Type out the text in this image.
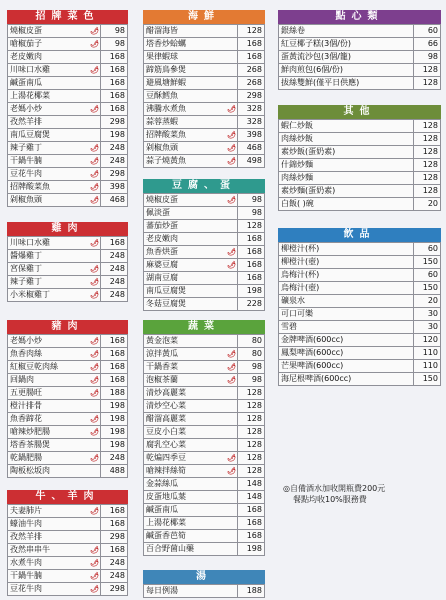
招牌菜色
燒椒皮蛋 🌶	98
嗆椒茄子 🌶	98
老皮嫩肉	168
川味口水雞 🌶	168
鹹蛋南瓜	168
上湯花椰菜	168
老媽小炒 🌶	168
孜然羊排	298
南瓜豆腐煲	198
辣子雞丁 🌶	248
干鍋牛腩 🌶	248
豆花牛肉 🌶	298
招牌酸菜魚 🌶	398
剁椒魚頭 🌶	468
雞肉
川味口水雞 🌶	168
醬爆雞丁	248
宮保雞丁 🌶	248
辣子雞丁 🌶	248
小米椒雞丁 🌶	248
豬肉
老媽小炒 🌶	168
魚香肉絲 🌶	168
紅椒豆乾肉絲 🌶	168
回鍋肉 🌶	168
五更腸旺 🌶	188
橙汁排骨	198
魚香蹄花 🌶	198
嗆辣炒肥腸 🌶	198
塔香茶腸煲	198
乾鍋肥腸 🌶	248
陶板松坂肉	488
牛、羊肉
夫妻肺片 🌶	168
蠔油牛肉	168
孜然羊排	298
孜然串串牛 🌶	168
水煮牛肉 🌶	248
干鍋牛腩 🌶	248
豆花牛肉 🌶	298
海鮮
醋溜海皆	128
塔香炒蛤蠣	168
果律蝦球	168
蹄筋鳥參煲	268
避風塘鮮蝦	268
豆酥鱈魚	298
沸騰水煮魚 🌶	328
蒜蓉蒸蝦	328
招牌酸菜魚 🌶	398
剁椒魚頭 🌶	468
蒜子燒黃魚 🌶	498
豆腐、蛋
燒椒皮蛋 🌶	98
佩淡蛋	98
蕃茄炒蛋	128
老皮嫩肉	168
魚香烘蛋 🌶	168
麻婆豆腐 🌶	168
湖南豆腐	168
南瓜豆腐煲	198
冬菇豆腐煲	228
蔬菜
黃金泡菜	80
涼拌黃瓜 🌶	80
干鍋香菜 🌶	98
泡椒茶蘭 🌶	98
清炒高麗菜	128
清炒空心菜	128
醋溜高麗菜	128
豆皮小白菜	128
腐乳空心菜	128
乾煸四季豆 🌶	128
嗆辣拌絲筍 🌶	128
金蒜絲瓜	148
皮蛋地瓜葉	148
鹹蛋南瓜	168
上湯花椰菜	168
鹹蛋香芭筍	168
百合野菌山藥	198
湯
每日例湯	188
點心類
銀絲卷	60
紅豆椰子糕(3個/份)	66
蛋黃流沙包(3個/籠)	98
鮮肉煎包(6個/份)	128
拔絲雙鮮(僅平日供應)	128
其他
蝦仁炒飯	128
肉絲炒飯	128
素炒飯(蛋奶素)	128
什錦炒麵	128
肉絲炒麵	128
素炒麵(蛋奶素)	128
白飯( )碗	20
飲品
柳橙汁(杯)	60
柳橙汁(壺)	150
烏梅汁(杯)	60
烏梅汁(壺)	150
礦泉水	20
可口可樂	30
雪碧	30
金牌啤酒(600cc)	120
鳳梨啤酒(600cc)	110
芒果啤酒(600cc)	110
海尼根啤酒(600cc)	150
◎自備酒水加收開瓶費200元
餐點均收10%服務費
